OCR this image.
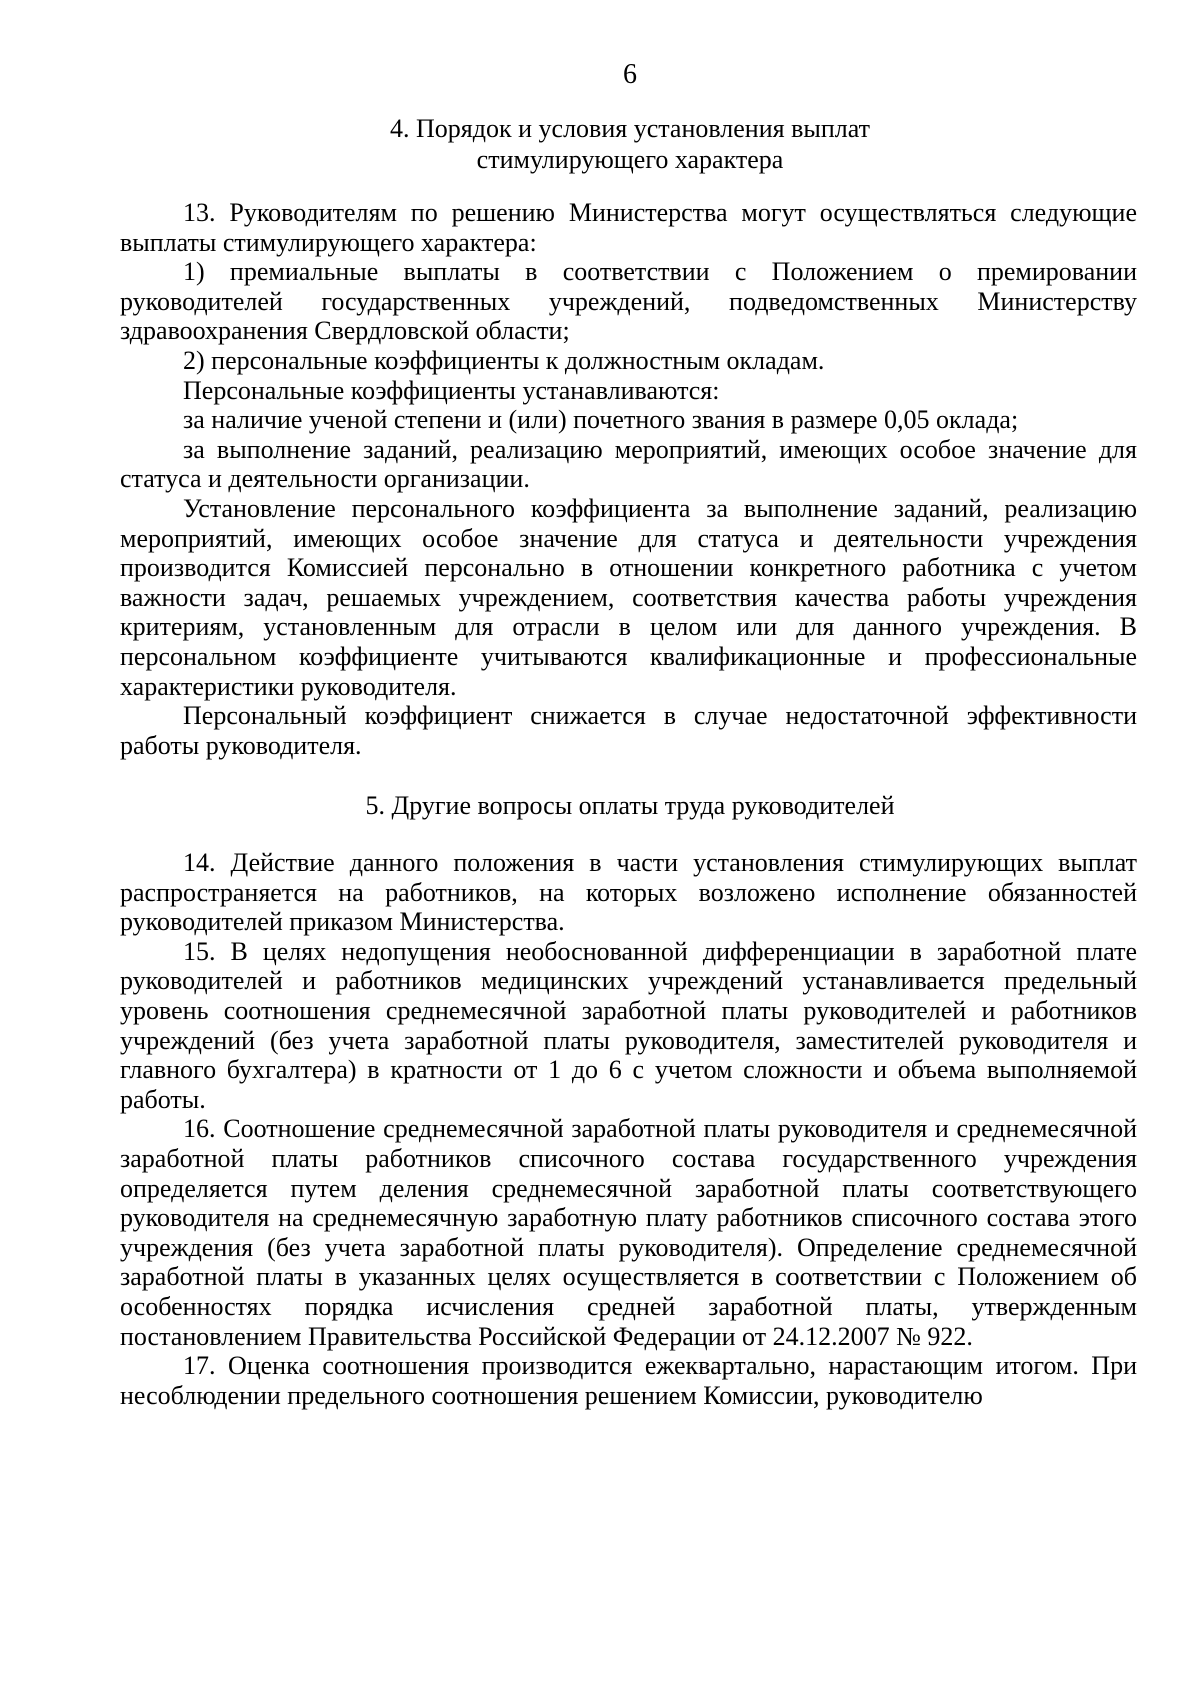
6
4. Порядок и условия установления выплат
стимулирующего характера

13. Руководителям по решению Министерства могут осуществляться следующие выплаты стимулирующего характера:

1) премиальные выплаты в соответствии с Положением о премировании руководителей государственных учреждений, подведомственных Министерству здравоохранения Свердловской области;

2) персональные коэффициенты к должностным окладам.

Персональные коэффициенты устанавливаются:

за наличие ученой степени и (или) почетного звания в размере 0,05 оклада;

за выполнение заданий, реализацию мероприятий, имеющих особое значение для статуса и деятельности организации.

Установление персонального коэффициента за выполнение заданий, реализацию мероприятий, имеющих особое значение для статуса и деятельности учреждения производится Комиссией персонально в отношении конкретного работника с учетом важности задач, решаемых учреждением, соответствия качества работы учреждения критериям, установленным для отрасли в целом или для данного учреждения. В персональном коэффициенте учитываются квалификационные и профессиональные характеристики руководителя.

Персональный коэффициент снижается в случае недостаточной эффективности работы руководителя.

5. Другие вопросы оплаты труда руководителей

14. Действие данного положения в части установления стимулирующих выплат распространяется на работников, на которых возложено исполнение обязанностей руководителей приказом Министерства.

15. В целях недопущения необоснованной дифференциации в заработной плате руководителей и работников медицинских учреждений устанавливается предельный уровень соотношения среднемесячной заработной платы руководителей и работников учреждений (без учета заработной платы руководителя, заместителей руководителя и главного бухгалтера) в кратности от 1 до 6 с учетом сложности и объема выполняемой работы.

16. Соотношение среднемесячной заработной платы руководителя и среднемесячной заработной платы работников списочного состава государственного учреждения определяется путем деления среднемесячной заработной платы соответствующего руководителя на среднемесячную заработную плату работников списочного состава этого учреждения (без учета заработной платы руководителя). Определение среднемесячной заработной платы в указанных целях осуществляется в соответствии с Положением об особенностях порядка исчисления средней заработной платы, утвержденным постановлением Правительства Российской Федерации от 24.12.2007 № 922.

17. Оценка соотношения производится ежеквартально, нарастающим итогом. При несоблюдении предельного соотношения решением Комиссии, руководителю
